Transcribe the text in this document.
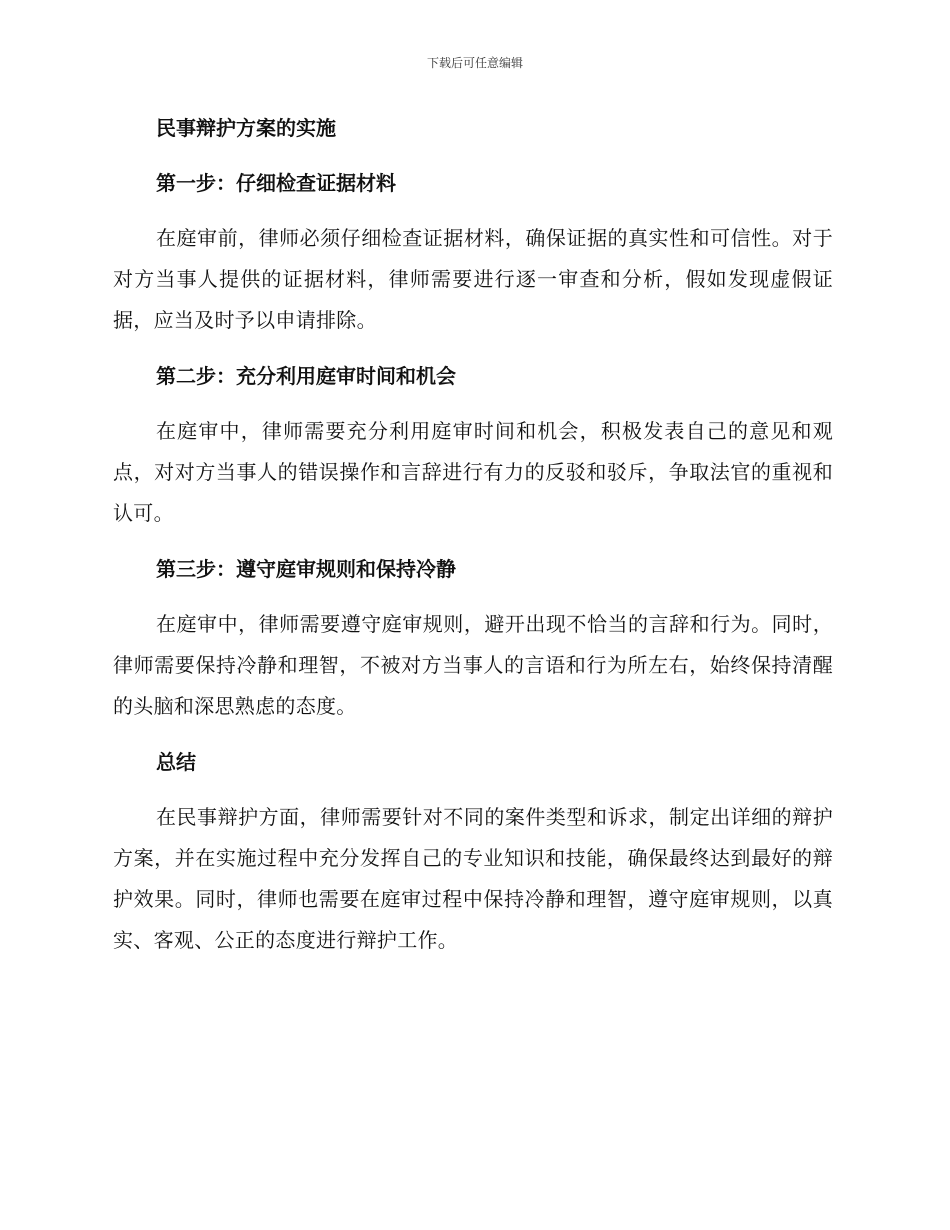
下载后可任意编辑
民事辩护方案的实施
第一步：仔细检查证据材料

在庭审前，律师必须仔细检查证据材料，确保证据的真实性和可信性。对于对方当事人提供的证据材料，律师需要进行逐一审查和分析，假如发现虚假证据，应当及时予以申请排除。

第二步：充分利用庭审时间和机会

在庭审中，律师需要充分利用庭审时间和机会，积极发表自己的意见和观点，对对方当事人的错误操作和言辞进行有力的反驳和驳斥，争取法官的重视和认可。

第三步：遵守庭审规则和保持冷静

在庭审中，律师需要遵守庭审规则，避开出现不恰当的言辞和行为。同时，律师需要保持冷静和理智，不被对方当事人的言语和行为所左右，始终保持清醒的头脑和深思熟虑的态度。

总结

在民事辩护方面，律师需要针对不同的案件类型和诉求，制定出详细的辩护方案，并在实施过程中充分发挥自己的专业知识和技能，确保最终达到最好的辩护效果。同时，律师也需要在庭审过程中保持冷静和理智，遵守庭审规则，以真实、客观、公正的态度进行辩护工作。
